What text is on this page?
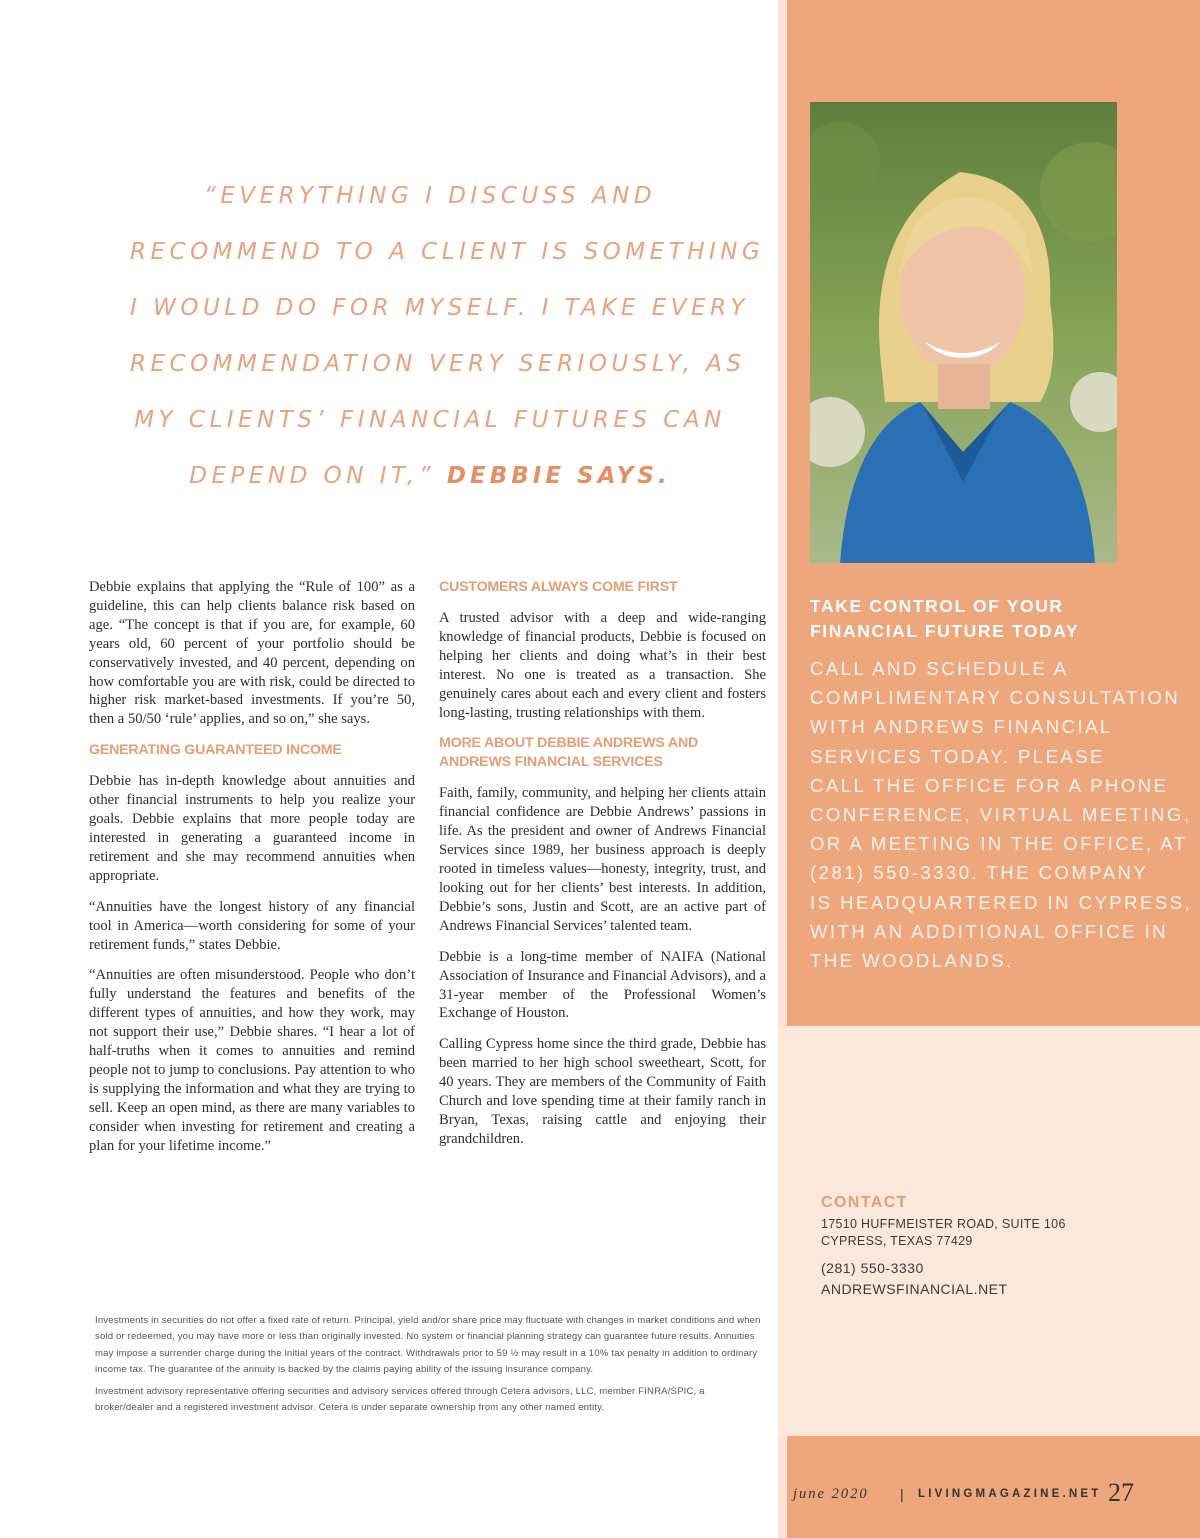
“EVERYTHING I DISCUSS AND
RECOMMEND TO A CLIENT IS SOMETHING
I WOULD DO FOR MYSELF. I TAKE EVERY
RECOMMENDATION VERY SERIOUSLY, AS
MY CLIENTS’ FINANCIAL FUTURES CAN
DEPEND ON IT,” DEBBIE SAYS.

Debbie explains that applying the “Rule of 100” as a guideline, this can help clients balance risk based on age. “The concept is that if you are, for example, 60 years old, 60 percent of your portfolio should be conservatively invested, and 40 percent, depending on how comfortable you are with risk, could be directed to higher risk market-based investments. If you’re 50, then a 50/50 ‘rule’ applies, and so on,” she says.

GENERATING GUARANTEED INCOME

Debbie has in-depth knowledge about annuities and other financial instruments to help you realize your goals. Debbie explains that more people today are interested in generating a guaranteed income in retirement and she may recommend annuities when appropriate.

“Annuities have the longest history of any financial tool in America—worth considering for some of your retirement funds,” states Debbie.

“Annuities are often misunderstood. People who don’t fully understand the features and benefits of the different types of annuities, and how they work, may not support their use,” Debbie shares. “I hear a lot of half-truths when it comes to annuities and remind people not to jump to conclusions. Pay attention to who is supplying the information and what they are trying to sell. Keep an open mind, as there are many variables to consider when investing for retirement and creating a plan for your lifetime income.”

CUSTOMERS ALWAYS COME FIRST

A trusted advisor with a deep and wide-ranging knowledge of financial products, Debbie is focused on helping her clients and doing what’s in their best interest. No one is treated as a transaction. She genuinely cares about each and every client and fosters long-lasting, trusting relationships with them.

MORE ABOUT DEBBIE ANDREWS AND ANDREWS FINANCIAL SERVICES

Faith, family, community, and helping her clients attain financial confidence are Debbie Andrews’ passions in life. As the president and owner of Andrews Financial Services since 1989, her business approach is deeply rooted in timeless values—honesty, integrity, trust, and looking out for her clients’ best interests. In addition, Debbie’s sons, Justin and Scott, are an active part of Andrews Financial Services’ talented team.

Debbie is a long-time member of NAIFA (National Association of Insurance and Financial Advisors), and a 31-year member of the Professional Women’s Exchange of Houston.

Calling Cypress home since the third grade, Debbie has been married to her high school sweetheart, Scott, for 40 years. They are members of the Community of Faith Church and love spending time at their family ranch in Bryan, Texas, raising cattle and enjoying their grandchildren.

TAKE CONTROL OF YOUR FINANCIAL FUTURE TODAY
CALL AND SCHEDULE A
COMPLIMENTARY CONSULTATION
WITH ANDREWS FINANCIAL
SERVICES TODAY. PLEASE
CALL THE OFFICE FOR A PHONE
CONFERENCE, VIRTUAL MEETING,
OR A MEETING IN THE OFFICE, AT
(281) 550-3330. THE COMPANY
IS HEADQUARTERED IN CYPRESS,
WITH AN ADDITIONAL OFFICE IN
THE WOODLANDS.
CONTACT
17510 HUFFMEISTER ROAD, SUITE 106
CYPRESS, TEXAS 77429
(281) 550-3330
ANDREWSFINANCIAL.NET

Investments in securities do not offer a fixed rate of return. Principal, yield and/or share price may fluctuate with changes in market conditions and when sold or redeemed, you may have more or less than originally invested. No system or financial planning strategy can guarantee future results. Annuities may impose a surrender charge during the initial years of the contract. Withdrawals prior to 59 ½ may result in a 10% tax penalty in addition to ordinary income tax. The guarantee of the annuity is backed by the claims paying ability of the issuing insurance company.

Investment advisory representative offering securities and advisory services offered through Cetera advisors, LLC, member FINRA/SPIC, a broker/dealer and a registered investment advisor. Cetera is under separate ownership from any other named entity.

june 2020 | LIVINGMAGAZINE.NET 27
